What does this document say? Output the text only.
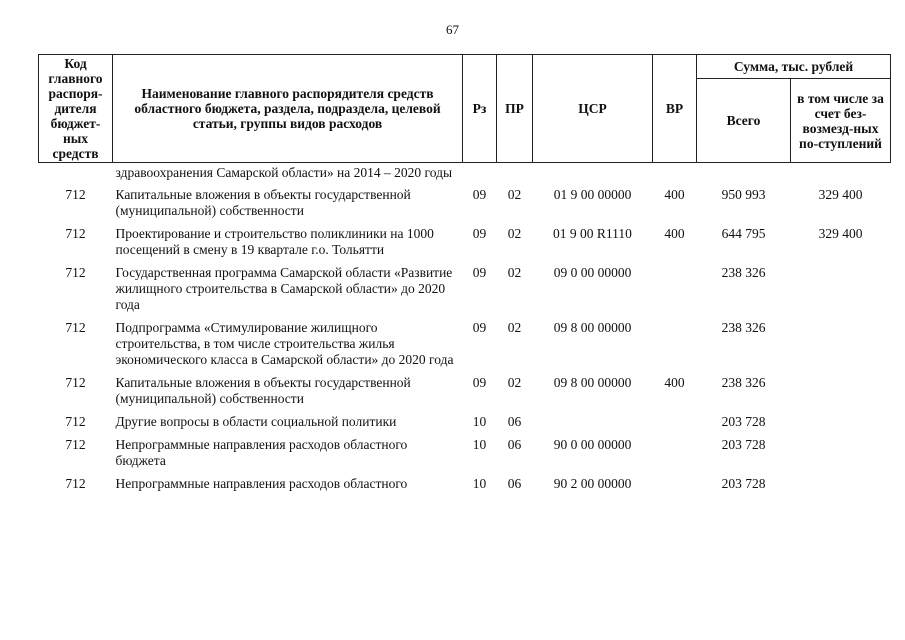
67
Код главного распоря-дителя бюджет-ных средств	Наименование главного распорядителя средств областного бюджета, раздела, подраздела, целевой статьи, группы видов расходов	Рз	ПР	ЦСР	ВР	Сумма, тыс. рублей	
						Всего	в том числе за счет без-возмезд-ных по-ступлений
	здравоохранения Самарской области» на 2014 – 2020 годы						
712	Капитальные вложения в объекты государственной (муниципальной) собственности	09	02	01 9 00 00000	400	950 993	329 400
712	Проектирование и строительство поликлиники на 1000 посещений в смену в 19 квартале г.о. Тольятти	09	02	01 9 00 R1110	400	644 795	329 400
712	Государственная программа Самарской области «Развитие жилищного строительства в Самарской области» до 2020 года	09	02	09 0 00 00000		238 326	
712	Подпрограмма «Стимулирование жилищного строительства, в том числе строительства жилья экономического класса в Самарской области» до 2020 года	09	02	09 8 00 00000		238 326	
712	Капитальные вложения в объекты государственной (муниципальной) собственности	09	02	09 8 00 00000	400	238 326	
712	Другие вопросы в области социальной политики	10	06			203 728	
712	Непрограммные направления расходов областного бюджета	10	06	90 0 00 00000		203 728	
712	Непрограммные направления расходов областного	10	06	90 2 00 00000		203 728	
